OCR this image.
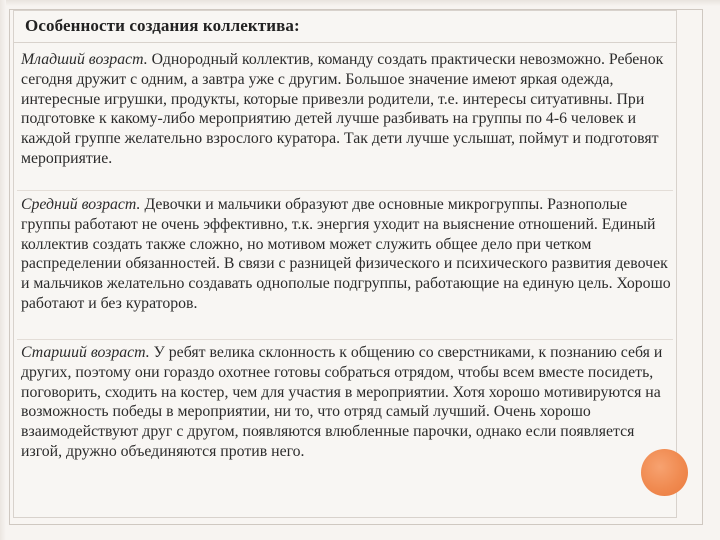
Особенности создания коллектива:

Младший возраст. Однородный коллектив, команду создать практически невозможно. Ребенок сегодня дружит с одним, а завтра уже с другим. Большое значение имеют яркая одежда, интересные игрушки, продукты, которые привезли родители, т.е. интересы ситуативны. При подготовке к какому-либо мероприятию детей лучше разбивать на группы по 4-6 человек и каждой группе желательно взрослого куратора. Так дети лучше услышат, поймут и подготовят мероприятие.

Средний возраст. Девочки и мальчики образуют две основные микрогруппы. Разнополые группы работают не очень эффективно, т.к. энергия уходит на выяснение отношений. Единый коллектив создать также сложно, но мотивом может служить общее дело при четком распределении обязанностей. В связи с разницей физического и психического развития девочек и мальчиков желательно создавать однополые подгруппы, работающие на единую цель. Хорошо работают и без кураторов.

Старший возраст. У ребят велика склонность к общению со сверстниками, к познанию себя и других, поэтому они гораздо охотнее готовы собраться отрядом, чтобы всем вместе посидеть, поговорить, сходить на костер, чем для участия в мероприятии. Хотя хорошо мотивируются на возможность победы в мероприятии, ни то, что отряд самый лучший. Очень хорошо взаимодействуют друг с другом, появляются влюбленные парочки, однако если появляется изгой, дружно объединяются против него.
